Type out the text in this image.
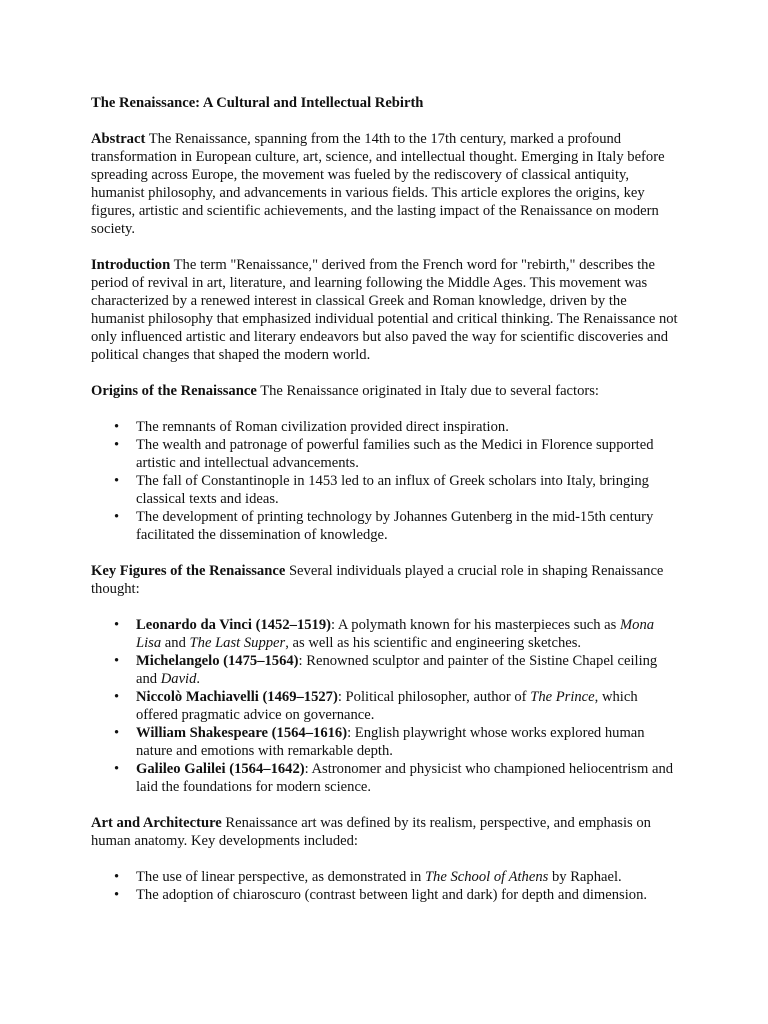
The Renaissance: A Cultural and Intellectual Rebirth

Abstract The Renaissance, spanning from the 14th to the 17th century, marked a profound transformation in European culture, art, science, and intellectual thought. Emerging in Italy before spreading across Europe, the movement was fueled by the rediscovery of classical antiquity, humanist philosophy, and advancements in various fields. This article explores the origins, key figures, artistic and scientific achievements, and the lasting impact of the Renaissance on modern society.

Introduction The term "Renaissance," derived from the French word for "rebirth," describes the period of revival in art, literature, and learning following the Middle Ages. This movement was characterized by a renewed interest in classical Greek and Roman knowledge, driven by the humanist philosophy that emphasized individual potential and critical thinking. The Renaissance not only influenced artistic and literary endeavors but also paved the way for scientific discoveries and political changes that shaped the modern world.

Origins of the Renaissance The Renaissance originated in Italy due to several factors:

• The remnants of Roman civilization provided direct inspiration.
• The wealth and patronage of powerful families such as the Medici in Florence supported artistic and intellectual advancements.
• The fall of Constantinople in 1453 led to an influx of Greek scholars into Italy, bringing classical texts and ideas.
• The development of printing technology by Johannes Gutenberg in the mid-15th century facilitated the dissemination of knowledge.

Key Figures of the Renaissance Several individuals played a crucial role in shaping Renaissance thought:

• Leonardo da Vinci (1452–1519): A polymath known for his masterpieces such as Mona Lisa and The Last Supper, as well as his scientific and engineering sketches.
• Michelangelo (1475–1564): Renowned sculptor and painter of the Sistine Chapel ceiling and David.
• Niccolò Machiavelli (1469–1527): Political philosopher, author of The Prince, which offered pragmatic advice on governance.
• William Shakespeare (1564–1616): English playwright whose works explored human nature and emotions with remarkable depth.
• Galileo Galilei (1564–1642): Astronomer and physicist who championed heliocentrism and laid the foundations for modern science.

Art and Architecture Renaissance art was defined by its realism, perspective, and emphasis on human anatomy. Key developments included:

• The use of linear perspective, as demonstrated in The School of Athens by Raphael.
• The adoption of chiaroscuro (contrast between light and dark) for depth and dimension.
